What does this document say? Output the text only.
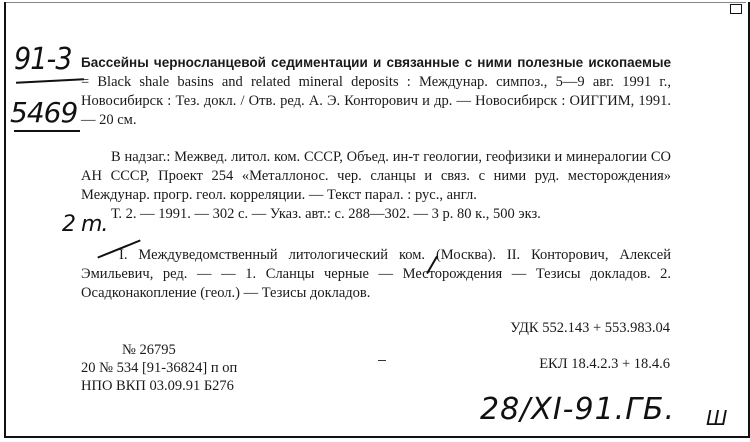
91-3
5469
2 m.
Бассейны черносланцевой седиментации и связанные с ними полезные ископаемые = Black shale basins and related mineral deposits : Междунар. симпоз., 5—9 авг. 1991 г., Новосибирск : Тез. докл. / Отв. ред. А. Э. Конторович и др. — Новосибирск : ОИГГИМ, 1991. — 20 см.

В надзаг.: Межвед. литол. ком. СССР, Объед. ин-т геологии, геофизики и минералогии СО АН СССР, Проект 254 «Металлонос. чер. сланцы и связ. с ними руд. месторождения» Междунар. прогр. геол. корреляции. — Текст парал. : рус., англ.

Т. 2. — 1991. — 302 с. — Указ. авт.: с. 288—302. — 3 р. 80 к., 500 экз.

I. Междуведомственный литологический ком. (Москва). II. Конторович, Алексей Эмильевич, ред. — — 1. Сланцы черные — Месторождения — Тезисы докладов. 2. Осадконакопление (геол.) — Тезисы докладов.
УДК 552.143 + 553.983.04
№ 26795
20 № 534 [91-36824] п оп
НПО ВКП 03.09.91 Б276
ЕКЛ 18.4.2.3 + 18.4.6
28/XI-91.ГБ. Ш
